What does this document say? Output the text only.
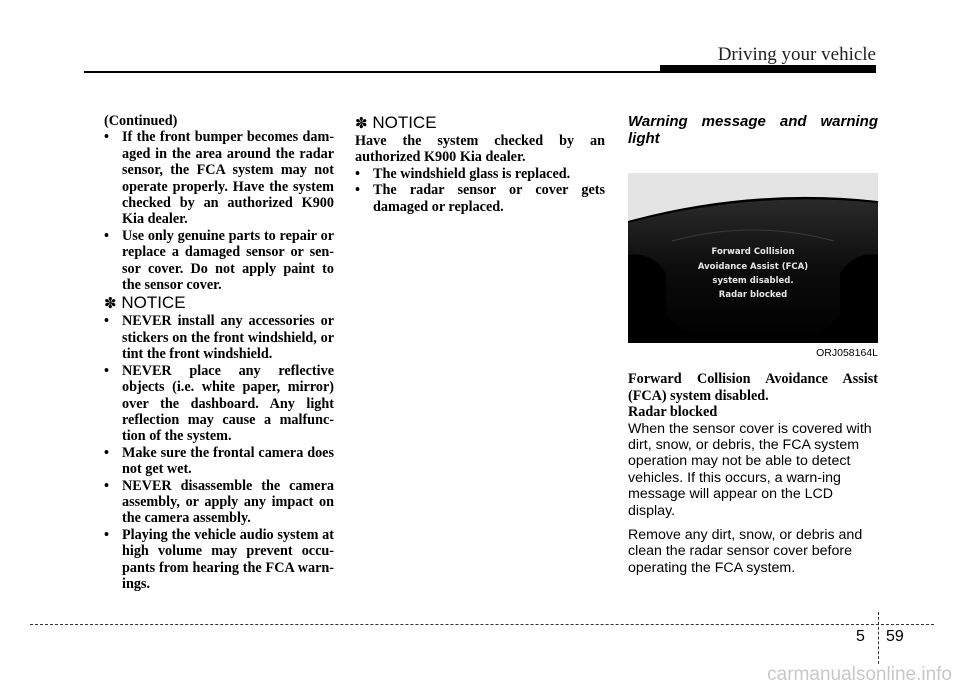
Driving your vehicle

(Continued)

• If the front bumper becomes dam-aged in the area around the radar sensor, the FCA system may not operate properly. Have the system checked by an authorized K900 Kia dealer.
• Use only genuine parts to repair or replace a damaged sensor or sen-sor cover. Do not apply paint to the sensor cover.

✽ NOTICE

• NEVER install any accessories or stickers on the front windshield, or tint the front windshield.
• NEVER place any reflective objects (i.e. white paper, mirror) over the dashboard. Any light reflection may cause a malfunc-tion of the system.
• Make sure the frontal camera does not get wet.
• NEVER disassemble the camera assembly, or apply any impact on the camera assembly.
• Playing the vehicle audio system at high volume may prevent occu-pants from hearing the FCA warn-ings.

✽ NOTICE

Have the system checked by an authorized K900 Kia dealer.

• The windshield glass is replaced.
• The radar sensor or cover gets damaged or replaced.

Warning message and warning light

Forward Collision
Avoidance Assist (FCA)
system disabled.
Radar blocked
ORJ058164L

Forward Collision Avoidance Assist (FCA) system disabled.

Radar blocked

When the sensor cover is covered with dirt, snow, or debris, the FCA system operation may not be able to detect vehicles. If this occurs, a warn-ing message will appear on the LCD display.

Remove any dirt, snow, or debris and clean the radar sensor cover before operating the FCA system.

5 59
carmanualsonline.info
